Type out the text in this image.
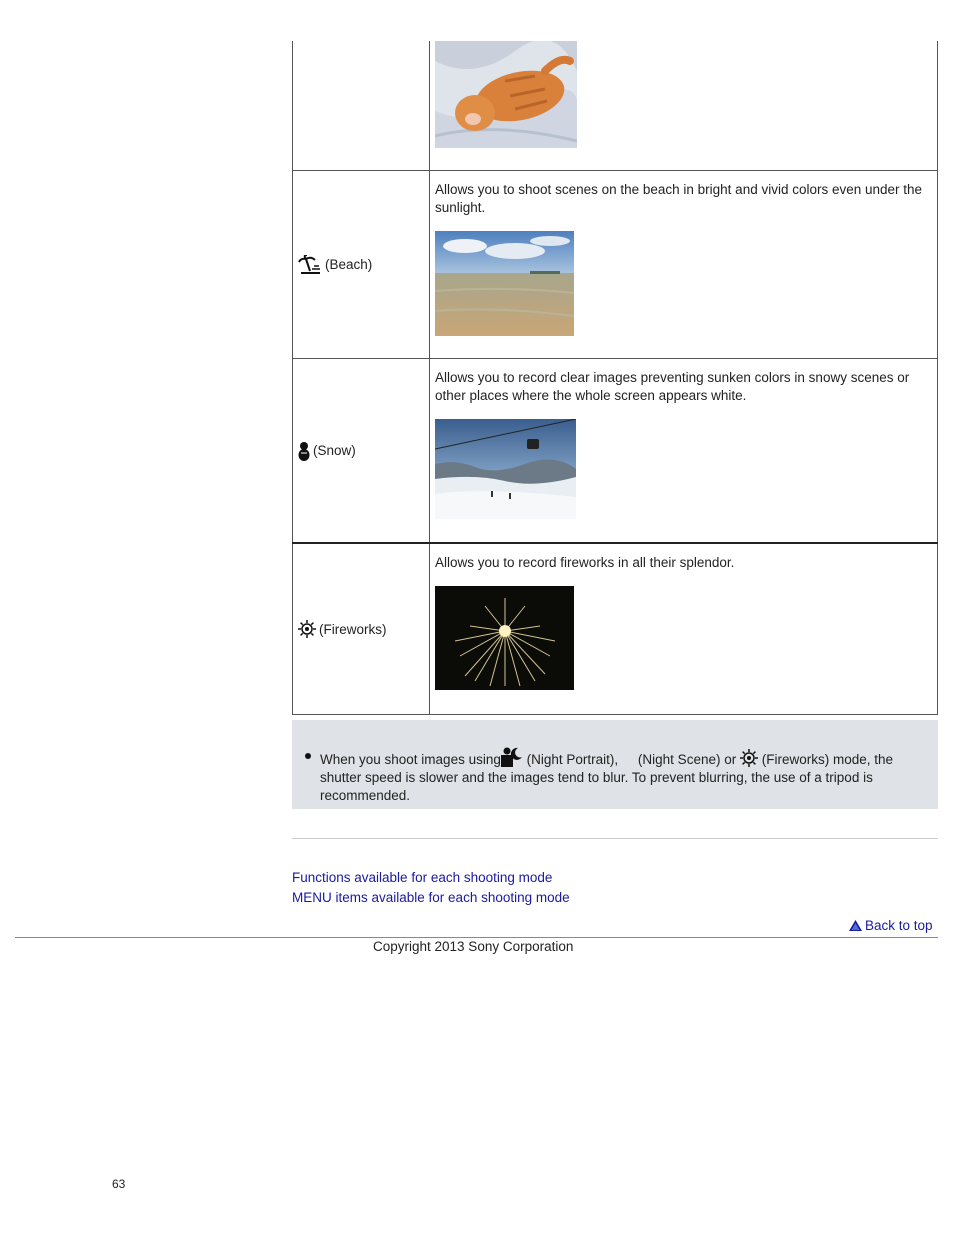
(Beach)	Allows you to shoot scenes on the beach in bright and vivid colors even under the sunlight.

(Snow)	Allows you to record clear images preventing sunken colors in snowy scenes or other places where the whole screen appears white.

(Fireworks)	Allows you to record fireworks in all their splendor.
When you shoot images using (Night Portrait), (Night Scene) or (Fireworks) mode, the shutter speed is slower and the images tend to blur. To prevent blurring, the use of a tripod is recommended.
Functions available for each shooting mode
MENU items available for each shooting mode
Back to top
Copyright 2013 Sony Corporation
63
